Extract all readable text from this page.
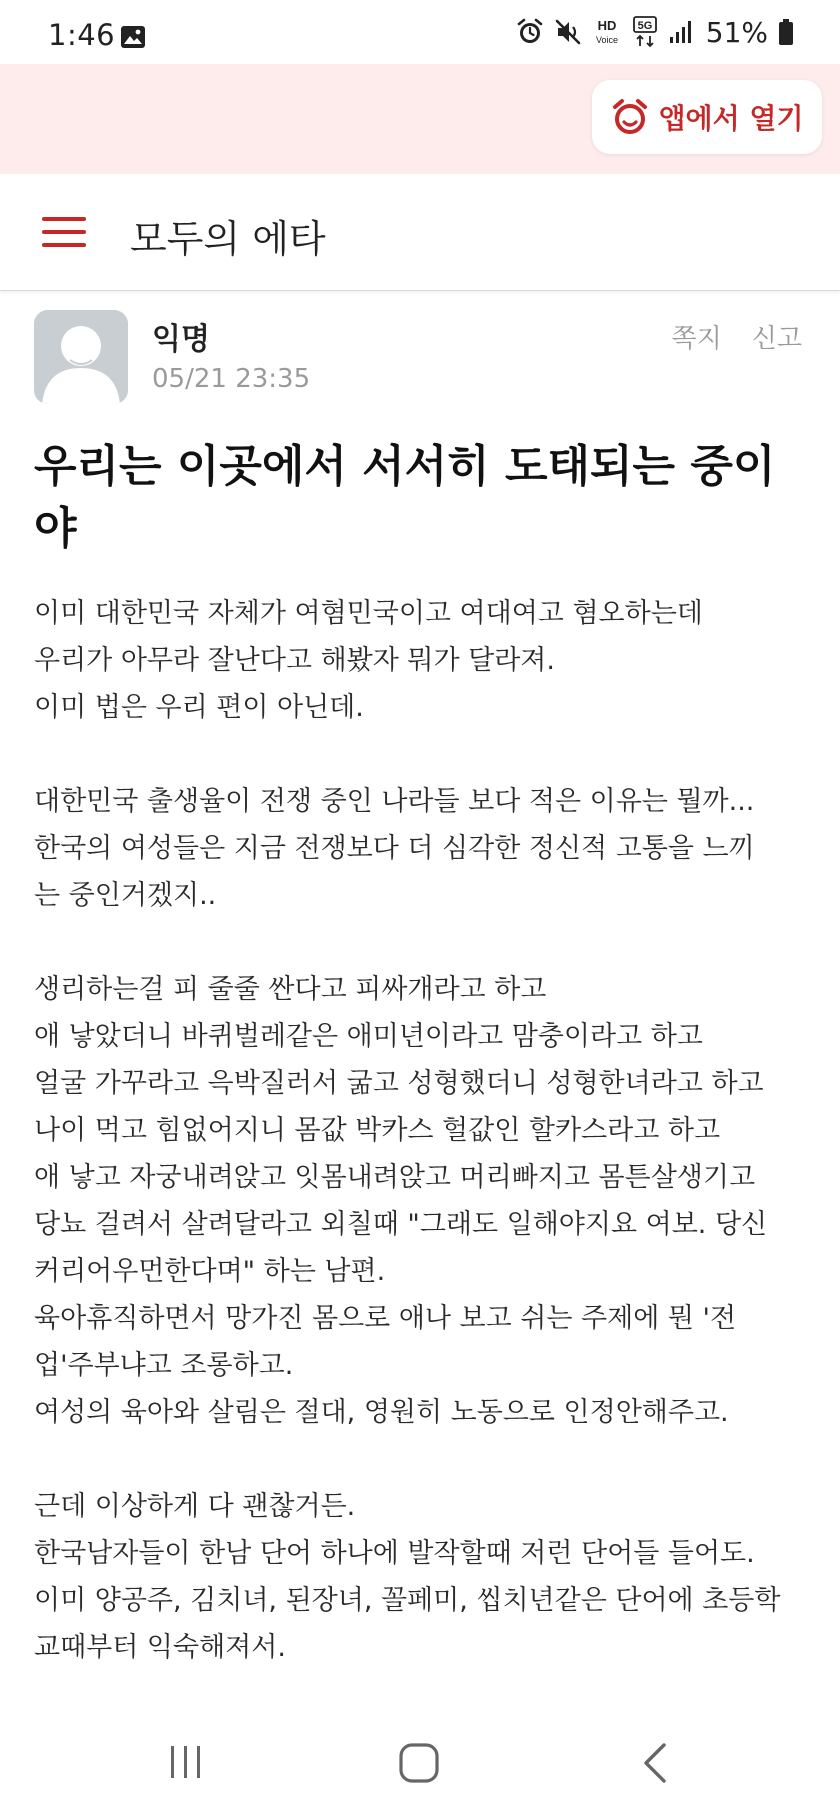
1:46	HD
Voice
5G 51%
앱에서 열기
모두의 에타
익명
05/21 23:35
쪽지 신고
우리는 이곳에서 서서히 도태되는 중이
야
이미 대한민국 자체가 여혐민국이고 여대여고 혐오하는데
우리가 아무라 잘난다고 해봤자 뭐가 달라져.
이미 법은 우리 편이 아닌데.
대한민국 출생율이 전쟁 중인 나라들 보다 적은 이유는 뭘까...
한국의 여성들은 지금 전쟁보다 더 심각한 정신적 고통을 느끼
는 중인거겠지..
생리하는걸 피 줄줄 싼다고 피싸개라고 하고
애 낳았더니 바퀴벌레같은 애미년이라고 맘충이라고 하고
얼굴 가꾸라고 윽박질러서 굶고 성형했더니 성형한녀라고 하고
나이 먹고 힘없어지니 몸값 박카스 헐값인 할카스라고 하고
애 낳고 자궁내려앉고 잇몸내려앉고 머리빠지고 몸튼살생기고
당뇨 걸려서 살려달라고 외칠때 "그래도 일해야지요 여보. 당신
커리어우먼한다며" 하는 남편.
육아휴직하면서 망가진 몸으로 애나 보고 쉬는 주제에 뭔 '전
업'주부냐고 조롱하고.
여성의 육아와 살림은 절대, 영원히 노동으로 인정안해주고.
근데 이상하게 다 괜찮거든.
한국남자들이 한남 단어 하나에 발작할때 저런 단어들 들어도.
이미 양공주, 김치녀, 된장녀, 꼴페미, 씹치년같은 단어에 초등학
교때부터 익숙해져서.
